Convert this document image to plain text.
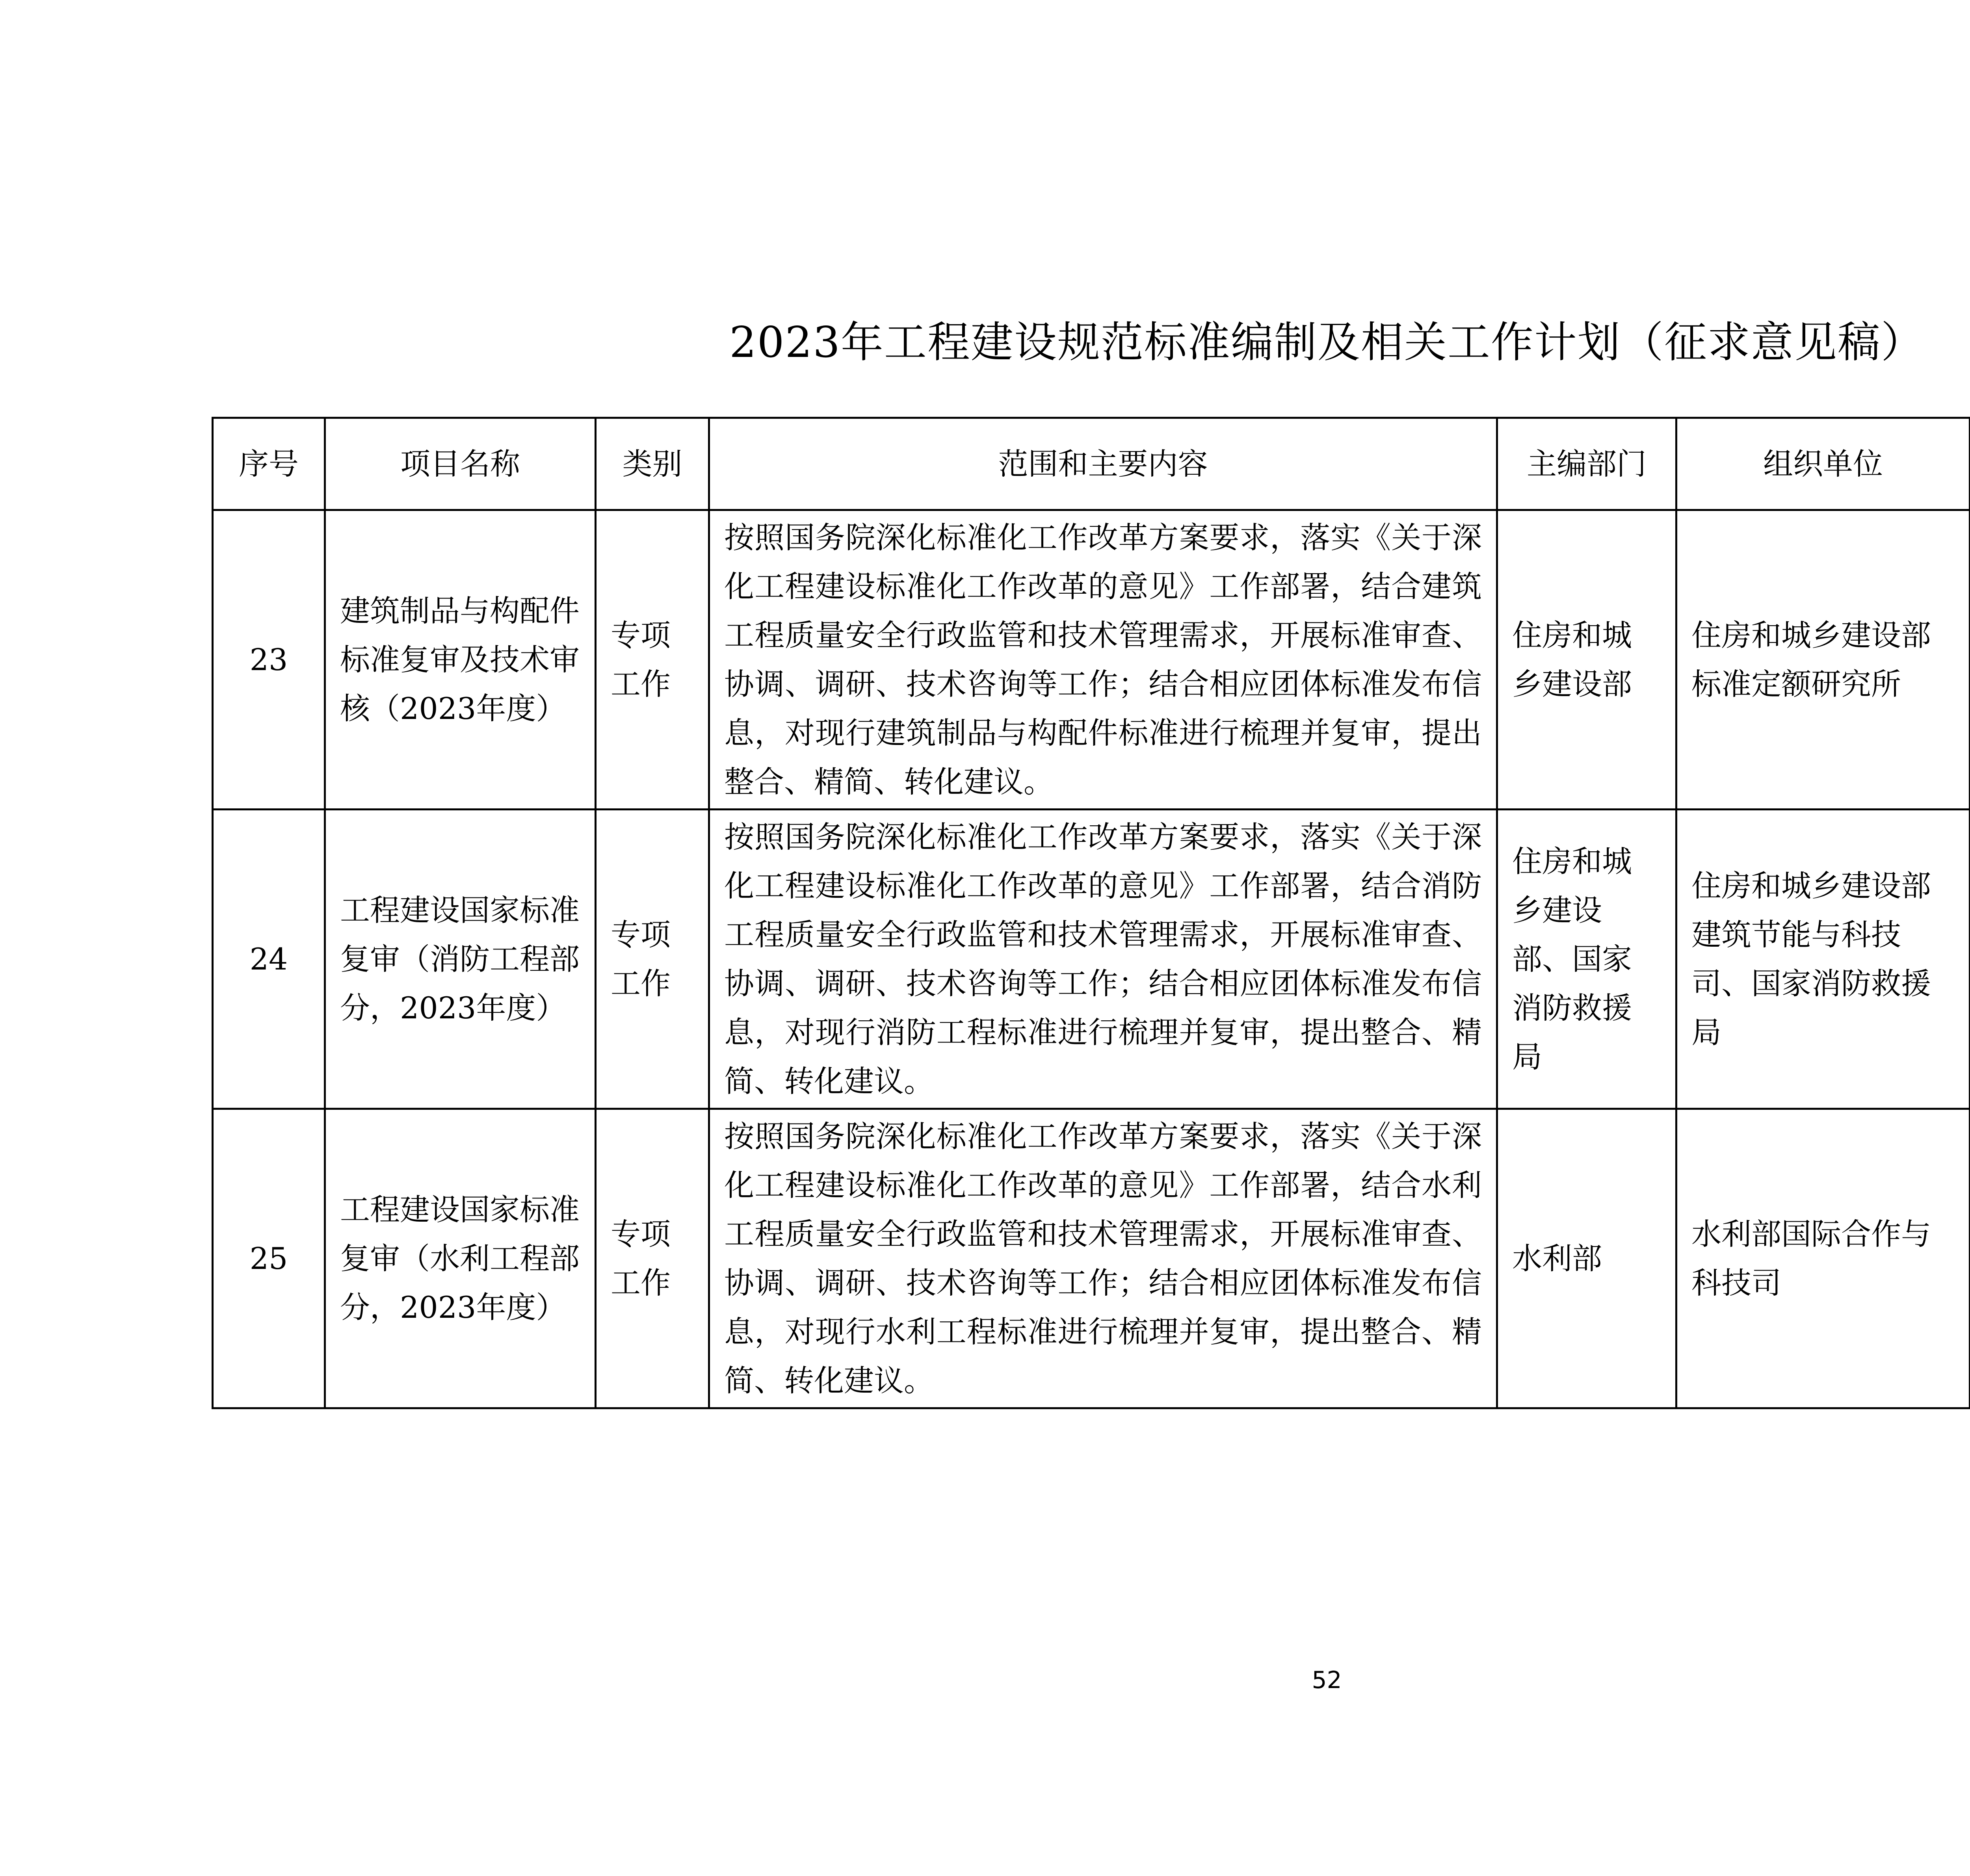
2023年工程建设规范标准编制及相关工作计划（征求意见稿）
序号	项目名称	类别	范围和主要内容	主编部门	组织单位		
23	建筑制品与构配件标准复审及技术审核（2023年度）	专项工作	按照国务院深化标准化工作改革方案要求，落实《关于深化工程建设标准化工作改革的意见》工作部署，结合建筑工程质量安全行政监管和技术管理需求，开展标准审查、协调、调研、技术咨询等工作；结合相应团体标准发布信息，对现行建筑制品与构配件标准进行梳理并复审，提出整合、精简、转化建议。	住房和城乡建设部	住房和城乡建设部标准定额研究所		
24	工程建设国家标准复审（消防工程部分，2023年度）	专项工作	按照国务院深化标准化工作改革方案要求，落实《关于深化工程建设标准化工作改革的意见》工作部署，结合消防工程质量安全行政监管和技术管理需求，开展标准审查、协调、调研、技术咨询等工作；结合相应团体标准发布信息，对现行消防工程标准进行梳理并复审，提出整合、精简、转化建议。	住房和城乡建设部、国家消防救援局	住房和城乡建设部建筑节能与科技司、国家消防救援局		
25	工程建设国家标准复审（水利工程部分，2023年度）	专项工作	按照国务院深化标准化工作改革方案要求，落实《关于深化工程建设标准化工作改革的意见》工作部署，结合水利工程质量安全行政监管和技术管理需求，开展标准审查、协调、调研、技术咨询等工作；结合相应团体标准发布信息，对现行水利工程标准进行梳理并复审，提出整合、精简、转化建议。	水利部	水利部国际合作与科技司		
52
